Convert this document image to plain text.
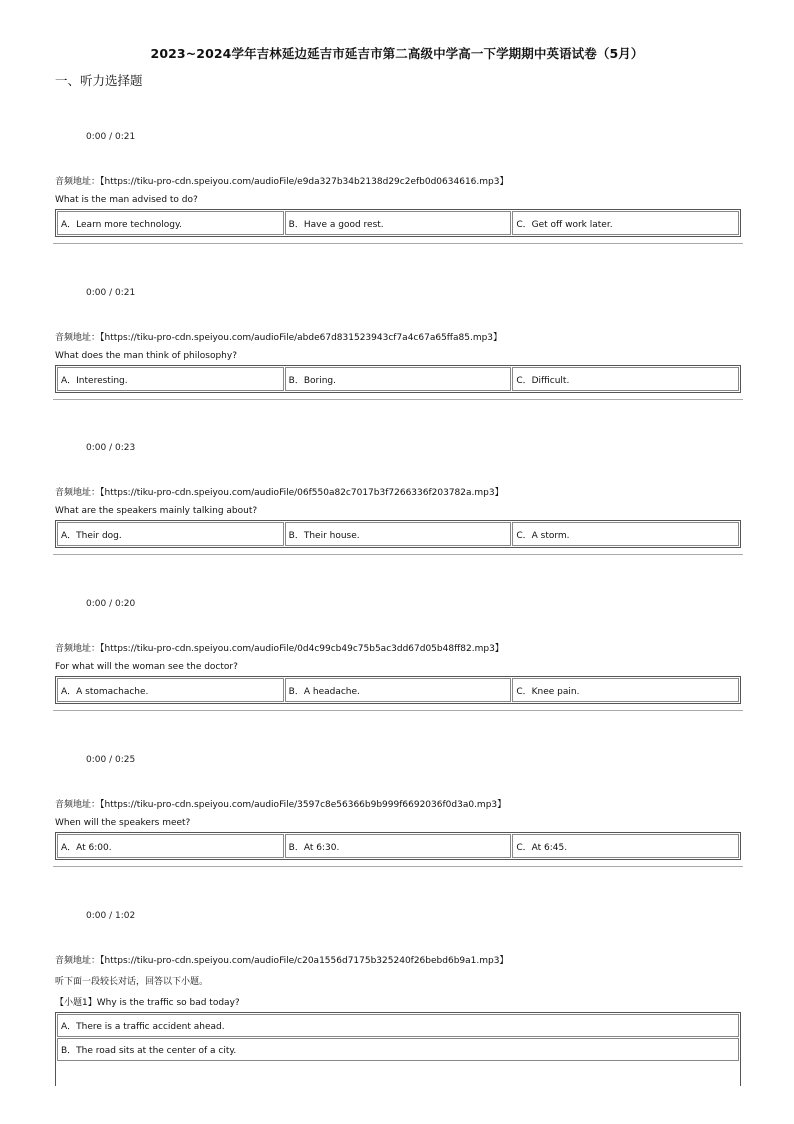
2023~2024学年吉林延边延吉市延吉市第二高级中学高一下学期期中英语试卷（5月）
一、听力选择题
0:00 / 0:21
音频地址：【https://tiku-pro-cdn.speiyou.com/audioFile/e9da327b34b2138d29c2efb0d0634616.mp3】
What is the man advised to do?
A．Learn more technology.	B．Have a good rest.	C．Get off work later.
0:00 / 0:21
音频地址：【https://tiku-pro-cdn.speiyou.com/audioFile/abde67d831523943cf7a4c67a65ffa85.mp3】
What does the man think of philosophy?
A．Interesting.	B．Boring.	C．Difficult.
0:00 / 0:23
音频地址：【https://tiku-pro-cdn.speiyou.com/audioFile/06f550a82c7017b3f7266336f203782a.mp3】
What are the speakers mainly talking about?
A．Their dog.	B．Their house.	C．A storm.
0:00 / 0:20
音频地址：【https://tiku-pro-cdn.speiyou.com/audioFile/0d4c99cb49c75b5ac3dd67d05b48ff82.mp3】
For what will the woman see the doctor?
A．A stomachache.	B．A headache.	C．Knee pain.
0:00 / 0:25
音频地址：【https://tiku-pro-cdn.speiyou.com/audioFile/3597c8e56366b9b999f6692036f0d3a0.mp3】
When will the speakers meet?
A．At 6:00.	B．At 6:30.	C．At 6:45.
0:00 / 1:02
音频地址：【https://tiku-pro-cdn.speiyou.com/audioFile/c20a1556d7175b325240f26bebd6b9a1.mp3】
听下面一段较长对话，回答以下小题。
【小题1】Why is the traffic so bad today?
A．There is a traffic accident ahead.
B．The road sits at the center of a city.
